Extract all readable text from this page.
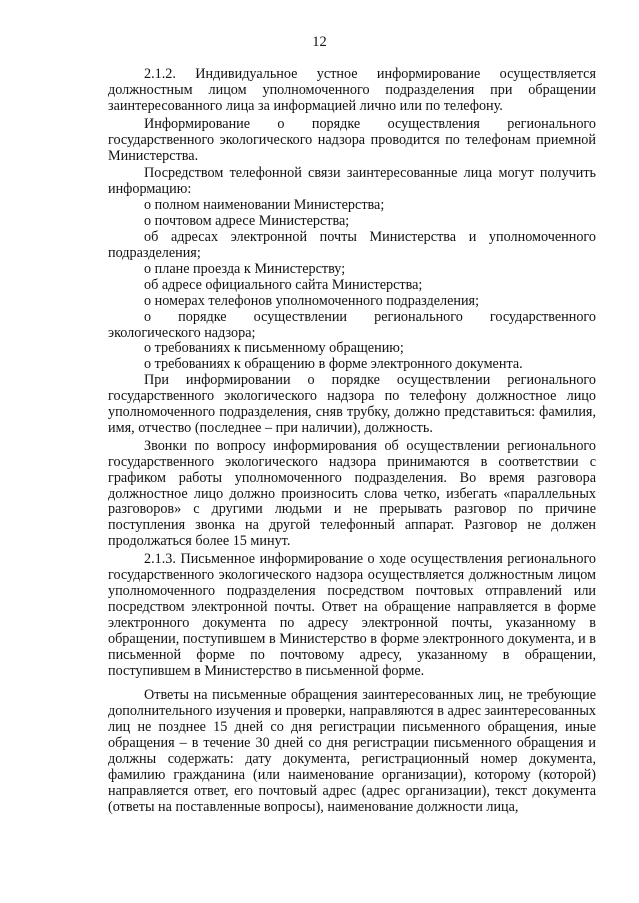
12

2.1.2. Индивидуальное устное информирование осуществляется должностным лицом уполномоченного подразделения при обращении заинтересованного лица за информацией лично или по телефону.

Информирование о порядке осуществления регионального государственного экологического надзора проводится по телефонам приемной Министерства.

Посредством телефонной связи заинтересованные лица могут получить информацию:

о полном наименовании Министерства;

о почтовом адресе Министерства;

об адресах электронной почты Министерства и уполномоченного подразделения;

о плане проезда к Министерству;

об адресе официального сайта Министерства;

о номерах телефонов уполномоченного подразделения;

о порядке осуществлении регионального государственного экологического надзора;

о требованиях к письменному обращению;

о требованиях к обращению в форме электронного документа.

При информировании о порядке осуществлении регионального государственного экологического надзора по телефону должностное лицо уполномоченного подразделения, сняв трубку, должно представиться: фамилия, имя, отчество (последнее – при наличии), должность.

Звонки по вопросу информирования об осуществлении регионального государственного экологического надзора принимаются в соответствии с графиком работы уполномоченного подразделения. Во время разговора должностное лицо должно произносить слова четко, избегать «параллельных разговоров» с другими людьми и не прерывать разговор по причине поступления звонка на другой телефонный аппарат. Разговор не должен продолжаться более 15 минут.

2.1.3. Письменное информирование о ходе осуществления регионального государственного экологического надзора осуществляется должностным лицом уполномоченного подразделения посредством почтовых отправлений или посредством электронной почты. Ответ на обращение направляется в форме электронного документа по адресу электронной почты, указанному в обращении, поступившем в Министерство в форме электронного документа, и в письменной форме по почтовому адресу, указанному в обращении, поступившем в Министерство в письменной форме.

Ответы на письменные обращения заинтересованных лиц, не требующие дополнительного изучения и проверки, направляются в адрес заинтересованных лиц не позднее 15 дней со дня регистрации письменного обращения, иные обращения – в течение 30 дней со дня регистрации письменного обращения и должны содержать: дату документа, регистрационный номер документа, фамилию гражданина (или наименование организации), которому (которой) направляется ответ, его почтовый адрес (адрес организации), текст документа (ответы на поставленные вопросы), наименование должности лица,
